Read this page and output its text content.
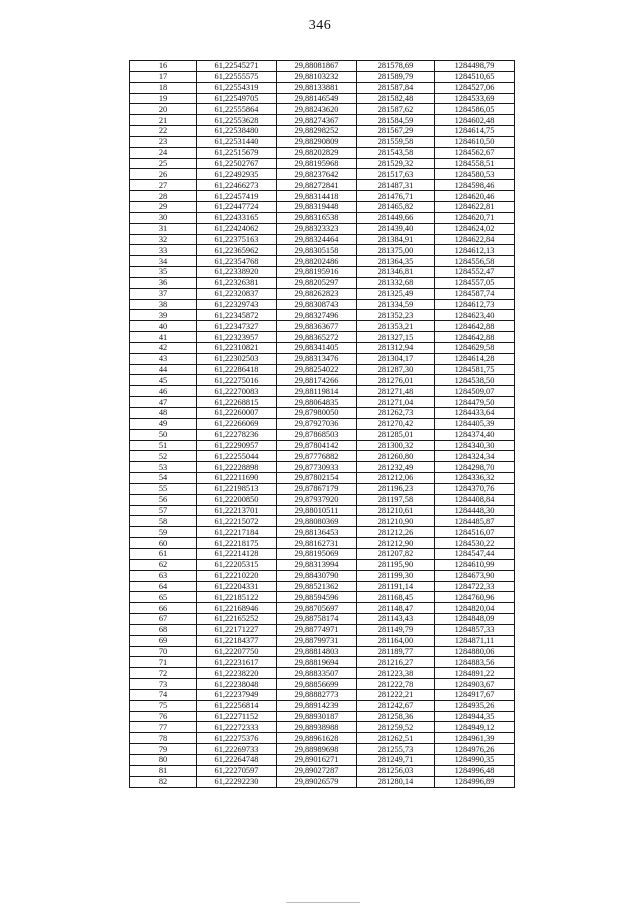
346
16	61,22545271	29,88081867	281578,69	1284498,79
17	61,22555575	29,88103232	281589,79	1284510,65
18	61,22554319	29,88133881	281587,84	1284527,06
19	61,22549705	29,88146549	281582,48	1284533,69
20	61,22555864	29,88243620	281587,62	1284586,05
21	61,22553628	29,88274367	281584,59	1284602,48
22	61,22538480	29,88298252	281567,29	1284614,75
23	61,22531440	29,88290809	281559,58	1284610,50
24	61,22515679	29,88202829	281543,58	1284562,67
25	61,22502767	29,88195968	281529,32	1284558,51
26	61,22492935	29,88237642	281517,63	1284580,53
27	61,22466273	29,88272841	281487,31	1284598,46
28	61,22457419	29,88314418	281476,71	1284620,46
29	61,22447724	29,88319448	281465,82	1284622,81
30	61,22433165	29,88316538	281449,66	1284620,71
31	61,22424062	29,88323323	281439,40	1284624,02
32	61,22375163	29,88324464	281384,91	1284622,84
33	61,22365962	29,88305158	281375,00	1284612,13
34	61,22354768	29,88202486	281364,35	1284556,58
35	61,22338920	29,88195916	281346,81	1284552,47
36	61,22326381	29,88205297	281332,68	1284557,05
37	61,22320837	29,88262823	281325,49	1284587,74
38	61,22329743	29,88308743	281334,59	1284612,73
39	61,22345872	29,88327496	281352,23	1284623,40
40	61,22347327	29,88363677	281353,21	1284642,88
41	61,22323957	29,88365272	281327,15	1284642,88
42	61,22310821	29,88341405	281312,94	1284629,58
43	61,22302503	29,88313476	281304,17	1284614,28
44	61,22286418	29,88254022	281287,30	1284581,75
45	61,22275016	29,88174266	281276,01	1284538,50
46	61,22270083	29,88119814	281271,48	1284509,07
47	61,22268815	29,88064835	281271,04	1284479,50
48	61,22260007	29,87980050	281262,73	1284433,64
49	61,22266069	29,87927036	281270,42	1284405,39
50	61,22278236	29,87868503	281285,01	1284374,40
51	61,22290957	29,87804142	281300,32	1284340,30
52	61,22255044	29,87776882	281260,80	1284324,34
53	61,22228898	29,87730933	281232,49	1284298,70
54	61,22211690	29,87802154	281212,06	1284336,32
55	61,22198513	29,87867179	281196,23	1284370,76
56	61,22200850	29,87937920	281197,58	1284408,84
57	61,22213701	29,88010511	281210,61	1284448,30
58	61,22215072	29,88080369	281210,90	1284485,87
59	61,22217184	29,88136453	281212,26	1284516,07
60	61,22218175	29,88162731	281212,90	1284530,22
61	61,22214128	29,88195069	281207,82	1284547,44
62	61,22205315	29,88313994	281195,90	1284610,99
63	61,22210220	29,88430790	281199,30	1284673,90
64	61,22204331	29,88521362	281191,14	1284722,33
65	61,22185122	29,88594596	281168,45	1284760,96
66	61,22168946	29,88705697	281148,47	1284820,04
67	61,22165252	29,88758174	281143,43	1284848,09
68	61,22171227	29,88774971	281149,79	1284857,33
69	61,22184377	29,88799731	281164,00	1284871,11
70	61,22207750	29,88814803	281189,77	1284880,06
71	61,22231617	29,88819694	281216,27	1284883,56
72	61,22238220	29,88833507	281223,38	1284891,22
73	61,22238048	29,88856699	281222,78	1284903,67
74	61,22237949	29,88882773	281222,21	1284917,67
75	61,22256814	29,88914239	281242,67	1284935,26
76	61,22271152	29,88930187	281258,36	1284944,35
77	61,22272333	29,88938988	281259,52	1284949,12
78	61,22275376	29,88961628	281262,51	1284961,39
79	61,22269733	29,88989698	281255,73	1284976,26
80	61,22264748	29,89016271	281249,71	1284990,35
81	61,22270597	29,89027287	281256,03	1284996,48
82	61,22292230	29,89026579	281280,14	1284996,89
